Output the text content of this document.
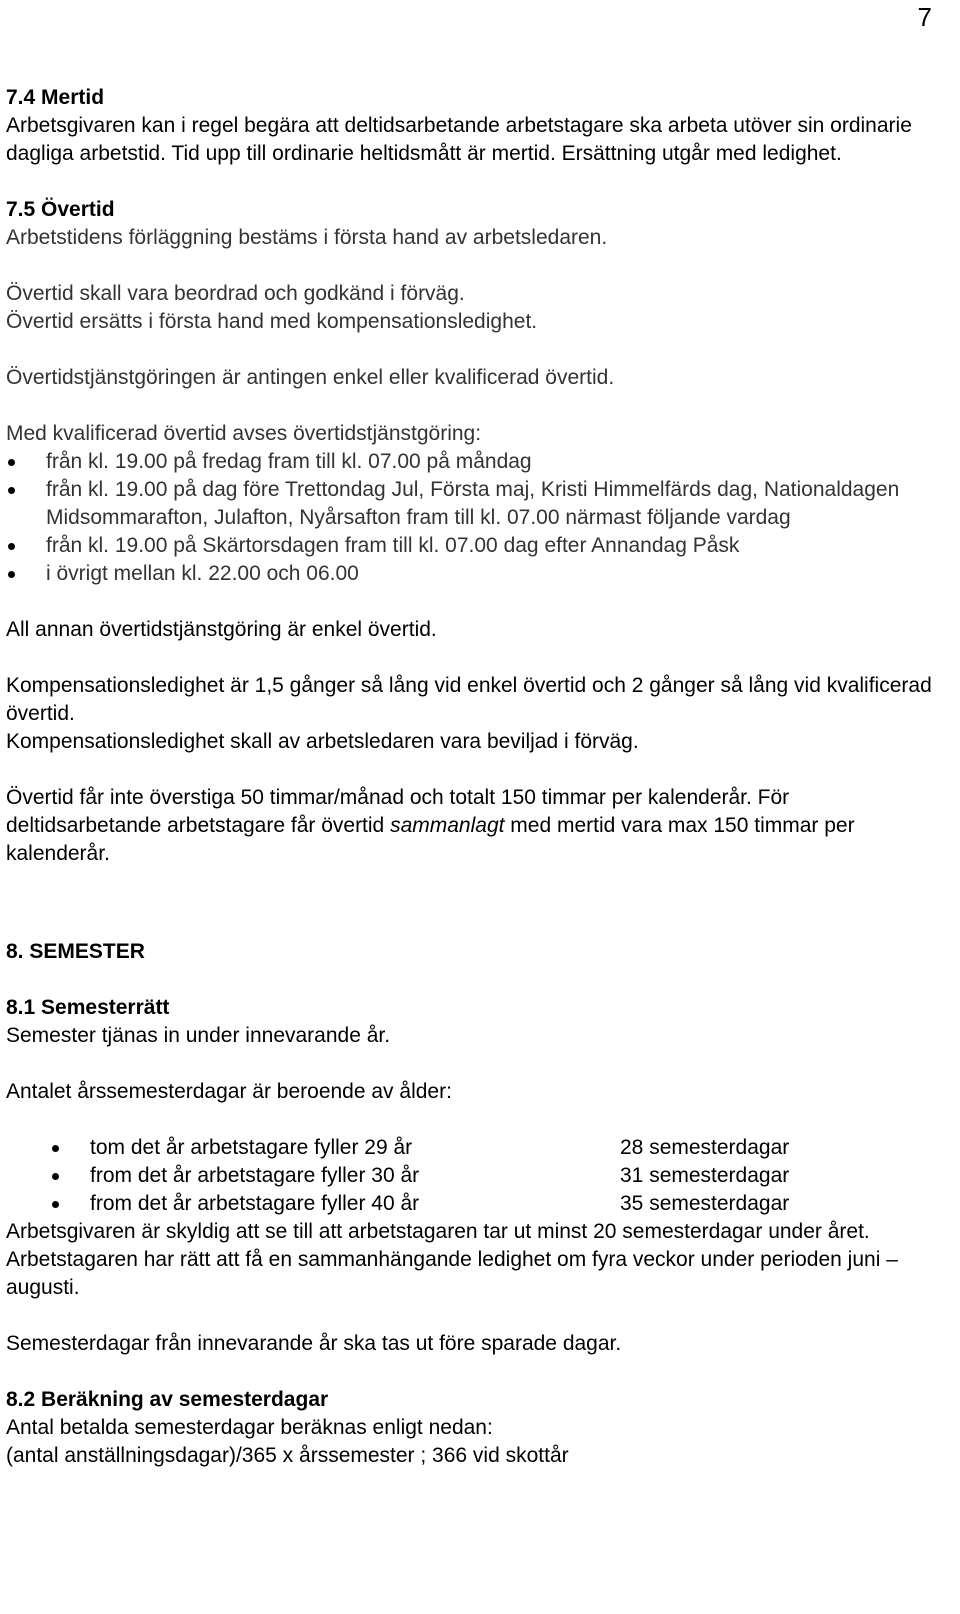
7
7.4 Mertid
Arbetsgivaren kan i regel begära att deltidsarbetande arbetstagare ska arbeta utöver sin ordinarie dagliga arbetstid. Tid upp till ordinarie heltidsmått är mertid. Ersättning utgår med ledighet.
7.5 Övertid
Arbetstidens förläggning bestäms i första hand av arbetsledaren.
Övertid skall vara beordrad och godkänd i förväg.
Övertid ersätts i första hand med kompensationsledighet.
Övertidstjänstgöringen är antingen enkel eller kvalificerad övertid.
Med kvalificerad övertid avses övertidstjänstgöring:
från kl. 19.00 på fredag fram till kl. 07.00 på måndag
från kl. 19.00 på dag före Trettondag Jul, Första maj, Kristi Himmelfärds dag, Nationaldagen Midsommarafton, Julafton, Nyårsafton fram till kl. 07.00 närmast följande vardag
från kl. 19.00 på Skärtorsdagen fram till kl. 07.00 dag efter Annandag Påsk
i övrigt mellan kl. 22.00 och 06.00
All annan övertidstjänstgöring är enkel övertid.
Kompensationsledighet är 1,5 gånger så lång vid enkel övertid och 2 gånger så lång vid kvalificerad övertid.
Kompensationsledighet skall av arbetsledaren vara beviljad i förväg.
Övertid får inte överstiga 50 timmar/månad och totalt 150 timmar per kalenderår. För deltidsarbetande arbetstagare får övertid sammanlagt med mertid vara max 150 timmar per kalenderår.
8. SEMESTER
8.1 Semesterrätt
Semester tjänas in under innevarande år.
Antalet årssemesterdagar är beroende av ålder:
tom det år arbetstagare fyller 29 år	28 semesterdagar
from det år arbetstagare fyller 30 år	31 semesterdagar
from det år arbetstagare fyller 40 år	35 semesterdagar
Arbetsgivaren är skyldig att se till att arbetstagaren tar ut minst 20 semesterdagar under året. Arbetstagaren har rätt att få en sammanhängande ledighet om fyra veckor under perioden juni – augusti.
Semesterdagar från innevarande år ska tas ut före sparade dagar.
8.2 Beräkning av semesterdagar
Antal betalda semesterdagar beräknas enligt nedan:
(antal anställningsdagar)/365 x årssemester ; 366 vid skottår
